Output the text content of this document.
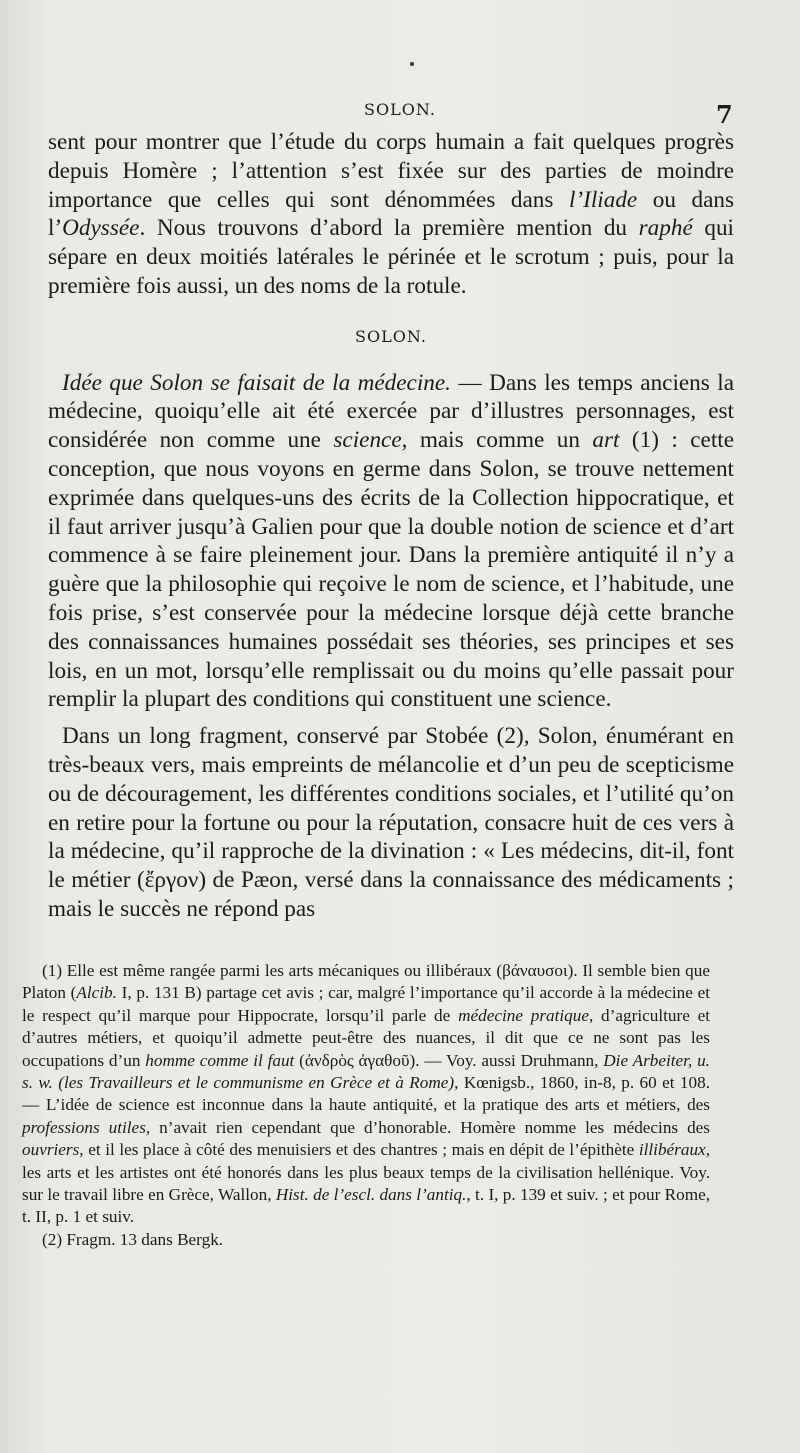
SOLON.	7

sent pour montrer que l’étude du corps humain a fait quelques progrès depuis Homère ; l’attention s’est fixée sur des parties de moindre importance que celles qui sont dénommées dans l’Iliade ou dans l’Odyssée. Nous trouvons d’abord la première mention du raphé qui sépare en deux moitiés latérales le périnée et le scrotum ; puis, pour la première fois aussi, un des noms de la rotule.

SOLON.

Idée que Solon se faisait de la médecine. — Dans les temps anciens la médecine, quoiqu’elle ait été exercée par d’illustres personnages, est considérée non comme une science, mais comme un art (1) : cette conception, que nous voyons en germe dans Solon, se trouve nettement exprimée dans quelques-uns des écrits de la Collection hippocratique, et il faut arriver jusqu’à Galien pour que la double notion de science et d’art commence à se faire pleinement jour. Dans la première antiquité il n’y a guère que la philosophie qui reçoive le nom de science, et l’habitude, une fois prise, s’est conservée pour la médecine lorsque déjà cette branche des connaissances humaines possédait ses théories, ses principes et ses lois, en un mot, lorsqu’elle remplissait ou du moins qu’elle passait pour remplir la plupart des conditions qui constituent une science.

Dans un long fragment, conservé par Stobée (2), Solon, énumérant en très-beaux vers, mais empreints de mélancolie et d’un peu de scepticisme ou de découragement, les différentes conditions sociales, et l’utilité qu’on en retire pour la fortune ou pour la réputation, consacre huit de ces vers à la médecine, qu’il rapproche de la divination : « Les médecins, dit-il, font le métier (ἔργον) de Pæon, versé dans la connaissance des médicaments ; mais le succès ne répond pas

(1) Elle est même rangée parmi les arts mécaniques ou illibéraux (βάναυσοι). Il semble bien que Platon (Alcib. I, p. 131 B) partage cet avis ; car, malgré l’importance qu’il accorde à la médecine et le respect qu’il marque pour Hippocrate, lorsqu’il parle de médecine pratique, d’agriculture et d’autres métiers, et quoiqu’il admette peut-être des nuances, il dit que ce ne sont pas les occupations d’un homme comme il faut (ἀνδρὸς ἀγαθοῦ). — Voy. aussi Druhmann, Die Arbeiter, u. s. w. (les Travailleurs et le communisme en Grèce et à Rome), Kœnigsb., 1860, in-8, p. 60 et 108. — L’idée de science est inconnue dans la haute antiquité, et la pratique des arts et métiers, des professions utiles, n’avait rien cependant que d’honorable. Homère nomme les médecins des ouvriers, et il les place à côté des menuisiers et des chantres ; mais en dépit de l’épithète illibéraux, les arts et les artistes ont été honorés dans les plus beaux temps de la civilisation hellénique. Voy. sur le travail libre en Grèce, Wallon, Hist. de l’escl. dans l’antiq., t. I, p. 139 et suiv. ; et pour Rome, t. II, p. 1 et suiv.

(2) Fragm. 13 dans Bergk.
